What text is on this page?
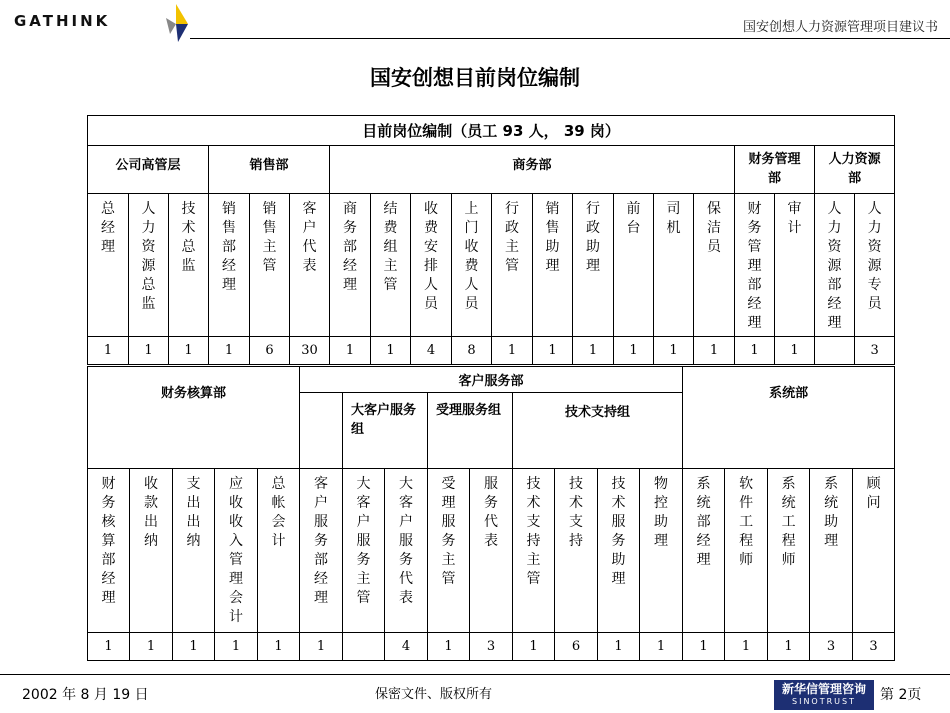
GATHINK	国安创想人力资源管理项目建议书
国安创想目前岗位编制
目前岗位编制（员工 93 人， 39 岗）																			
公司高管层			销售部			商务部										财务管理部		人力资源部	

总经理	人力资源总监	技术总监	销售部经理	销售主管	客户代表	商务部经理	结费组主管	收费安排人员	上门收费人员	行政主管	销售助理	行政助理	前台	司机	保洁员	财务管理部经理	审计	人力资源部经理	人力资源专员

1	1	1	1	6	30	1	1	4	8	1	1	1	1	1	1	1	1		3
财务核算部					客户服务部									系统部				

						大客户服务组		受理服务组		技术支持组								

财务核算部经理	收款出纳	支出出纳	应收收入管理会计	总帐会计	客户服务部经理	大客户服务主管	大客户服务代表	受理服务主管	服务代表	技术支持主管	技术支持	技术服务助理	物控助理	系统部经理	软件工程师	系统工程师	系统助理	顾问

1	1	1	1	1	1		4	1	3	1	6	1	1	1	1	1	3	3
2002 年 8 月 19 日	保密文件、版权所有	新华信管理咨询
SINOTRUST	第 2页
